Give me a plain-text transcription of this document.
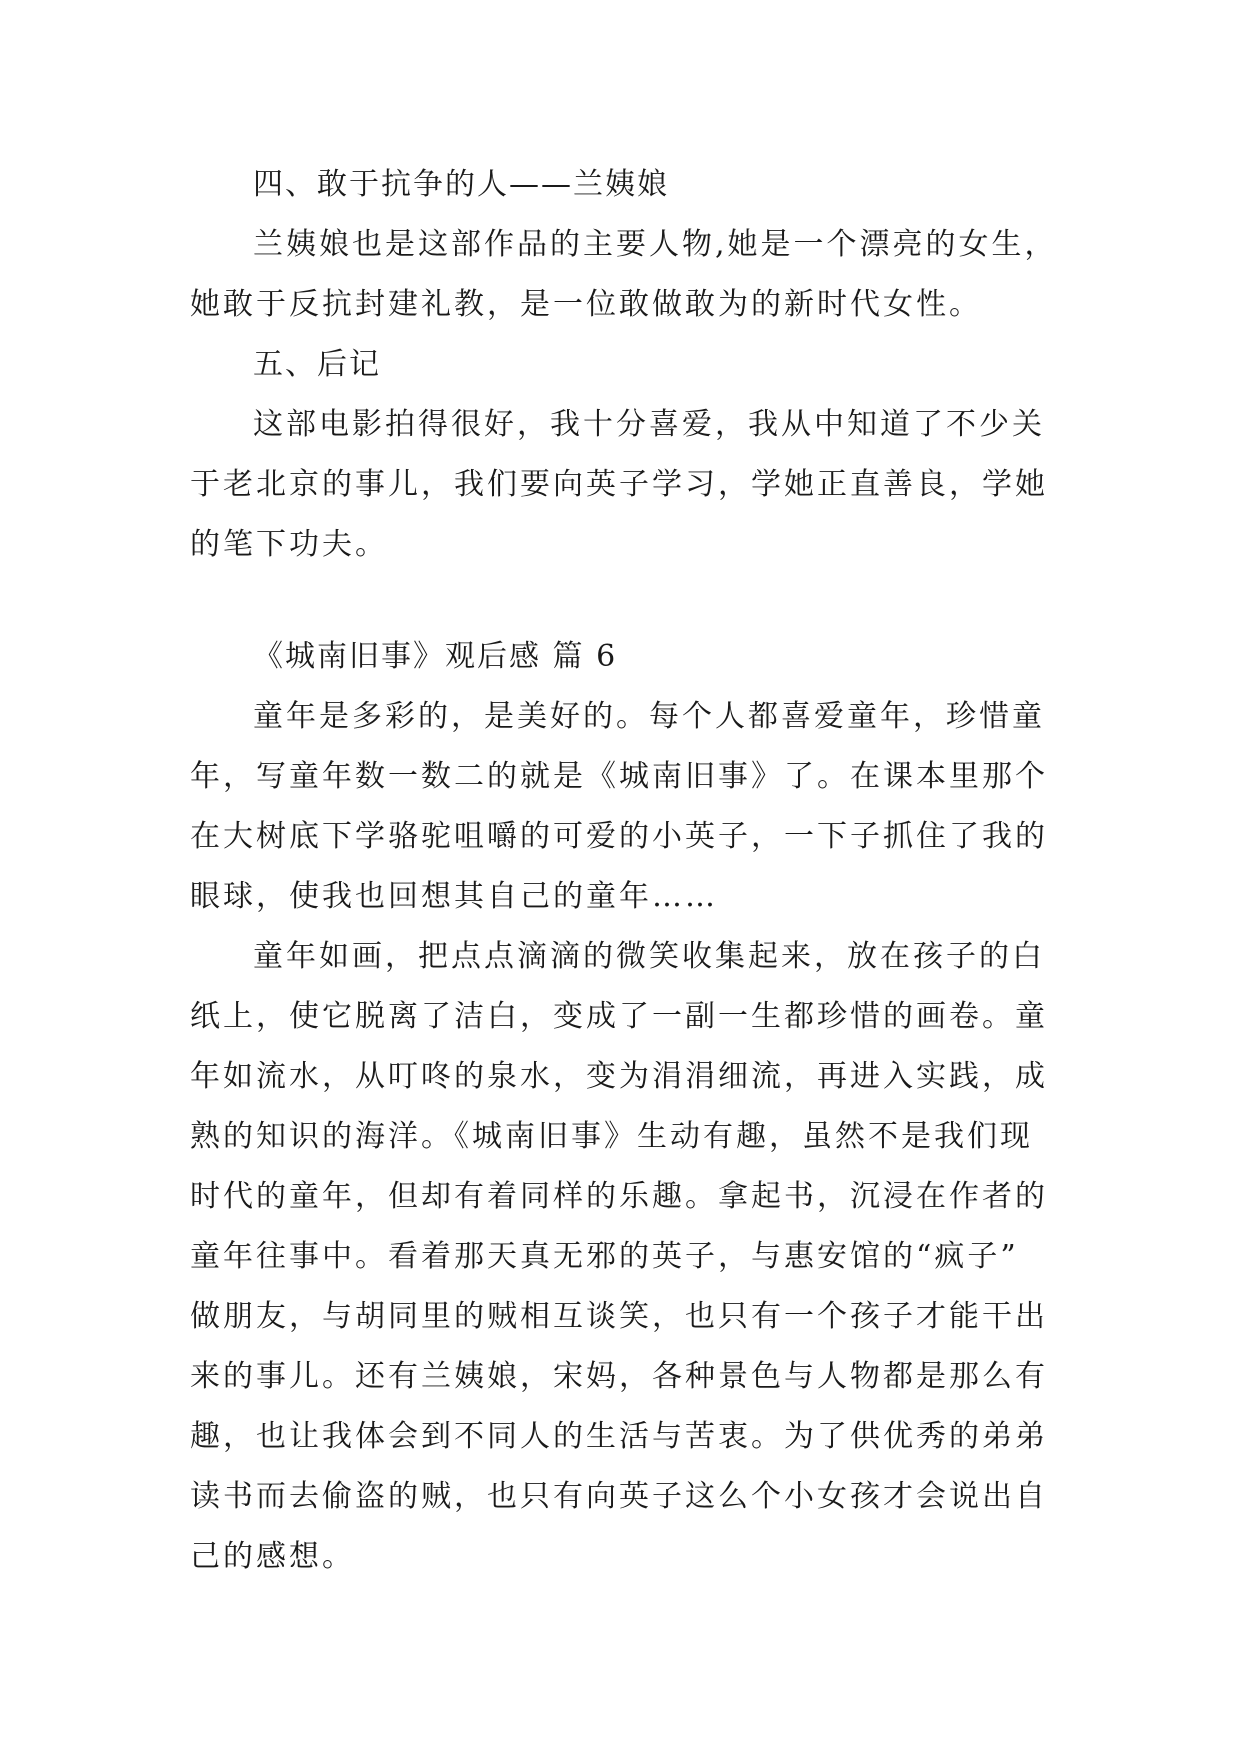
四、敢于抗争的人——兰姨娘
兰姨娘也是这部作品的主要人物,她是一个漂亮的女生，
她敢于反抗封建礼教，是一位敢做敢为的新时代女性。
五、后记
这部电影拍得很好，我十分喜爱，我从中知道了不少关
于老北京的事儿，我们要向英子学习，学她正直善良，学她
的笔下功夫。
《城南旧事》观后感 篇 6
童年是多彩的，是美好的。每个人都喜爱童年，珍惜童
年，写童年数一数二的就是《城南旧事》了。在课本里那个
在大树底下学骆驼咀嚼的可爱的小英子，一下子抓住了我的
眼球，使我也回想其自己的童年……
童年如画，把点点滴滴的微笑收集起来，放在孩子的白
纸上，使它脱离了洁白，变成了一副一生都珍惜的画卷。童
年如流水，从叮咚的泉水，变为涓涓细流，再进入实践，成
熟的知识的海洋。《城南旧事》生动有趣，虽然不是我们现
时代的童年，但却有着同样的乐趣。拿起书，沉浸在作者的
童年往事中。看着那天真无邪的英子，与惠安馆的“疯子”
做朋友，与胡同里的贼相互谈笑，也只有一个孩子才能干出
来的事儿。还有兰姨娘，宋妈，各种景色与人物都是那么有
趣，也让我体会到不同人的生活与苦衷。为了供优秀的弟弟
读书而去偷盗的贼，也只有向英子这么个小女孩才会说出自
己的感想。
